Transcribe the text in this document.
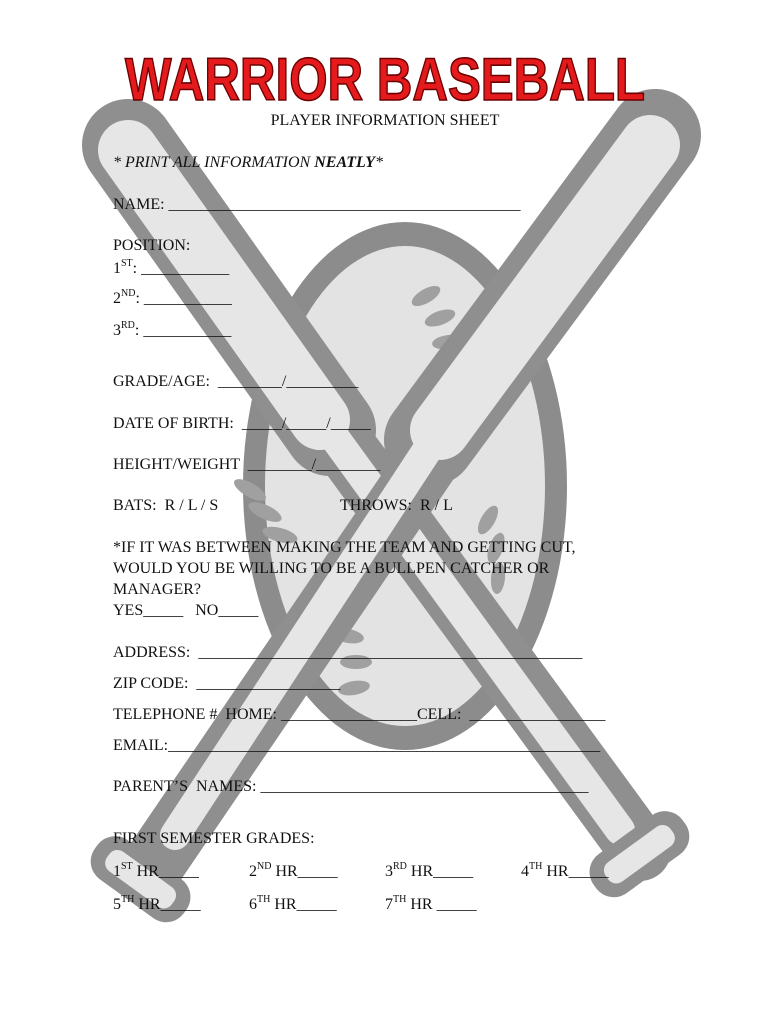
WARRIOR BASEBALL
PLAYER INFORMATION SHEET
* PRINT ALL INFORMATION NEATLY*
NAME: ____________________________________________
POSITION:
1ST: ___________
2ND: ___________
3RD: ___________
GRADE/AGE:  ________/_________
DATE OF BIRTH:  _____/_____/_____
HEIGHT/WEIGHT  ________/________
BATS:  R / L / S	THROWS:  R / L
*IF IT WAS BETWEEN MAKING THE TEAM AND GETTING CUT,
WOULD YOU BE WILLING TO BE A BULLPEN CATCHER OR
MANAGER?
YES_____   NO_____
ADDRESS:  ________________________________________________
ZIP CODE:  __________________
TELEPHONE #  HOME: _________________CELL:  _________________
EMAIL:______________________________________________________
PARENT’S  NAMES: _________________________________________
FIRST SEMESTER GRADES:
1ST HR_____	2ND HR_____	3RD HR_____	4TH HR_____
5TH HR_____	6TH HR_____	7TH HR _____
